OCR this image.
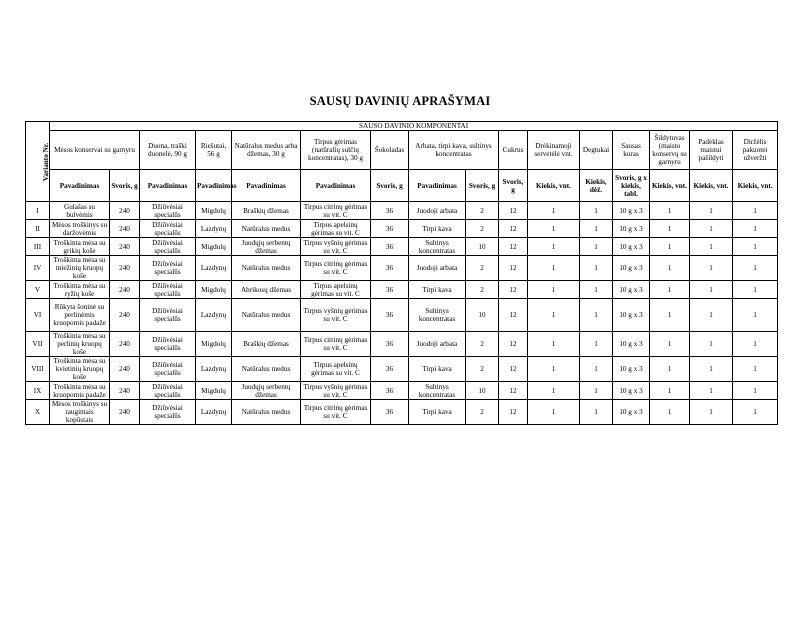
SAUSŲ DAVINIŲ APRAŠYMAI
Varianto Nr.	SAUSO DAVINIO KOMPONENTAI															
	Mėsos konservai su garnyru		Duona, traški duonelė, 90 g	Riešutai, 56 g	Natūralus medus arba džemas, 30 g	Tirpus gėrimas (natūralių sulčių koncentratas), 30 g	Šokoladas	Arbata, tirpi kava, sultinys koncentratas		Cukrus	Drėkinamoji servetėlė vnt.	Degtukai	Sausas kuras	Šildytuvas (maisto konservų su garnyru	Padėklas maistui pašildyti	Diržėlis pakuotei užveržti
	Pavadinimas	Svoris, g	Pavadinimas	Pavadinimas	Pavadinimas	Pavadinimas	Svoris, g	Pavadinimas	Svoris, g	Svoris, g	Kiekis, vnt.	Kiekis, dėž.	Svoris, g x kiekis, tabl.	Kiekis, vnt.	Kiekis, vnt.	Kiekis, vnt.
I	Gulašas su bulvėmis	240	Džiūvėsiai specialūs	Migdolų	Braškių džemas	Tirpus citrinų gėrimas su vit. C	36	Juodoji arbata	2	12	1	1	10 g x 3	1	1	1
II	Mėsos troškinys su daržovėmis	240	Džiūvėsiai specialūs	Lazdynų	Natūralus medus	Tirpus apelsinų gėrimas su vit. C	36	Tirpi kava	2	12	1	1	10 g x 3	1	1	1
III	Troškinta mėsa su grikių koše	240	Džiūvėsiai specialūs	Migdolų	Juodųjų serbentų džemas	Tirpus vyšnių gėrimas su vit. C	36	Sultinys koncentratas	10	12	1	1	10 g x 3	1	1	1
IV	Troškinta mėsa su miežinių kruopų koše	240	Džiūvėsiai specialūs	Lazdynų	Natūralus medus	Tirpus citrinų gėrimas su vit. C	36	Juodoji arbata	2	12	1	1	10 g x 3	1	1	1
V	Troškinta mėsa su ryžių koše	240	Džiūvėsiai specialūs	Migdolų	Abrikosų džemas	Tirpus apelsinų gėrimas su vit. C	36	Tirpi kava	2	12	1	1	10 g x 3	1	1	1
VI	Rūkyta šoninė su perlinėmis kruopomis padaže	240	Džiūvėsiai specialūs	Lazdynų	Natūralus medus	Tirpus vyšnių gėrimas su vit. C	36	Sultinys koncentratas	10	12	1	1	10 g x 3	1	1	1
VII	Troškinta mėsa su perlinių kruopų koše	240	Džiūvėsiai specialūs	Migdolų	Braškių džemas	Tirpus citrinų gėrimas su vit. C	36	Juodoji arbata	2	12	1	1	10 g x 3	1	1	1
VIII	Troškinta mėsa su kvietinių kruopų koše	240	Džiūvėsiai specialūs	Lazdynų	Natūralus medus	Tirpus apelsinų gėrimas su vit. C	36	Tirpi kava	2	12	1	1	10 g x 3	1	1	1
IX	Troškinta mėsa su kruopomis padaže	240	Džiūvėsiai specialūs	Migdolų	Juodųjų serbentų džemas	Tirpus vyšnių gėrimas su vit. C	36	Sultinys koncentratas	10	12	1	1	10 g x 3	1	1	1
X	Mėsos troškinys su raugintais kopūstais	240	Džiūvėsiai specialūs	Lazdynų	Natūralus medus	Tirpus citrinų gėrimas su vit. C	36	Tirpi kava	2	12	1	1	10 g x 3	1	1	1
